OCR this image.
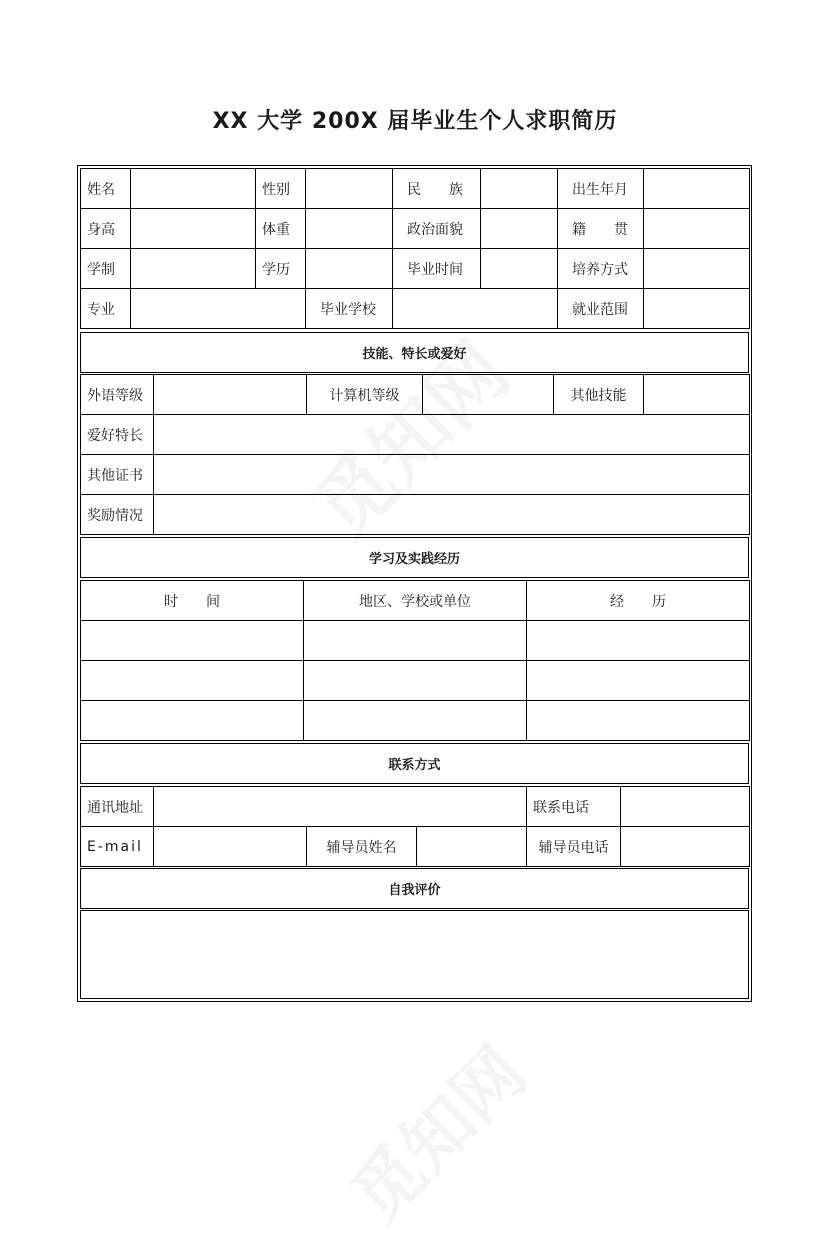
XX 大学 200X 届毕业生个人求职简历
姓名		性别		民　　族		出生年月	
身高		体重		政治面貌		籍　　贯	
学制		学历		毕业时间		培养方式	
专业			毕业学校			就业范围	
技能、特长或爱好
外语等级		计算机等级		其他技能	
爱好特长					
其他证书					
奖励情况					
学习及实践经历
时　　间	地区、学校或单位	经　　历

联系方式
通讯地址				联系电话	
E-mail		辅导员姓名		辅导员电话	
自我评价
